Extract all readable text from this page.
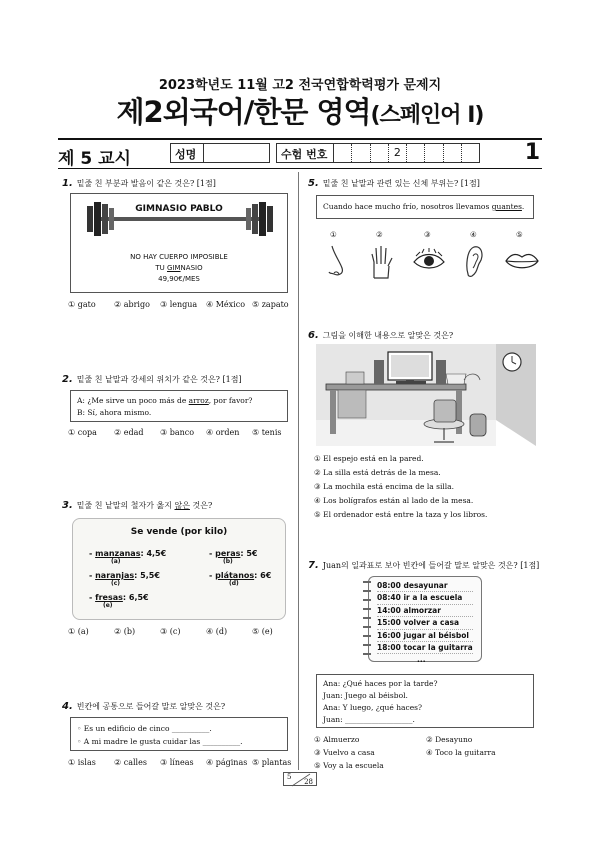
2023학년도 11월 고2 전국연합학력평가 문제지
제2외국어/한문 영역(스페인어 Ⅰ)
제 5 교시	성명	수험 번호	2	1
1. 밑줄 친 부분과 발음이 같은 것은? [1점]
GIMNASIO PABLO
NO HAY CUERPO IMPOSIBLE
TU GIMNASIO
49,90€/MES
① gato	② abrigo	③ lengua	④ México ⑤ zapato
2. 밑줄 친 낱말과 강세의 위치가 같은 것은? [1점]
A: ¿Me sirve un poco más de arroz, por favor?
B: Sí, ahora mismo.
① copa	② edad	③ banco	④ orden	⑤ tenis
3. 밑줄 친 낱말의 철자가 옳지 않은 것은?
Se vende (por kilo)
- manzanas: 4,5€
(a)
- peras: 5€
(b)
- naranjas: 5,5€
(c)
- plátanos: 6€
(d)
- fresas: 6,5€
(e)
① (a)	② (b)	③ (c)	④ (d)	⑤ (e)
4. 빈칸에 공통으로 들어갈 말로 알맞은 것은?
◦ Es un edificio de cinco __________.
◦ A mi madre le gusta cuidar las __________.
① islas	② calles	③ líneas	④ páginas ⑤ plantas
5. 밑줄 친 낱말과 관련 있는 신체 부위는? [1점]
Cuando hace mucho frío, nosotros llevamos guantes.
①	②	③	④	⑤
6. 그림을 이해한 내용으로 알맞은 것은?
① El espejo está en la pared.
② La silla está detrás de la mesa.
③ La mochila está encima de la silla.
④ Los bolígrafos están al lado de la mesa.
⑤ El ordenador está entre la taza y los libros.
7. Juan의 일과표로 보아 빈칸에 들어갈 말로 알맞은 것은? [1점]
08:00 desayunar
08:40 ir a la escuela
14:00 almorzar
15:00 volver a casa
16:00 jugar al béisbol
18:00 tocar la guitarra
...
Ana: ¿Qué haces por la tarde?
Juan: Juego al béisbol.
Ana: Y luego, ¿qué haces?
Juan: __________________.
① Almuerzo	② Desayuno
③ Vuelvo a casa	④ Toco la guitarra
⑤ Voy a la escuela
5
28
